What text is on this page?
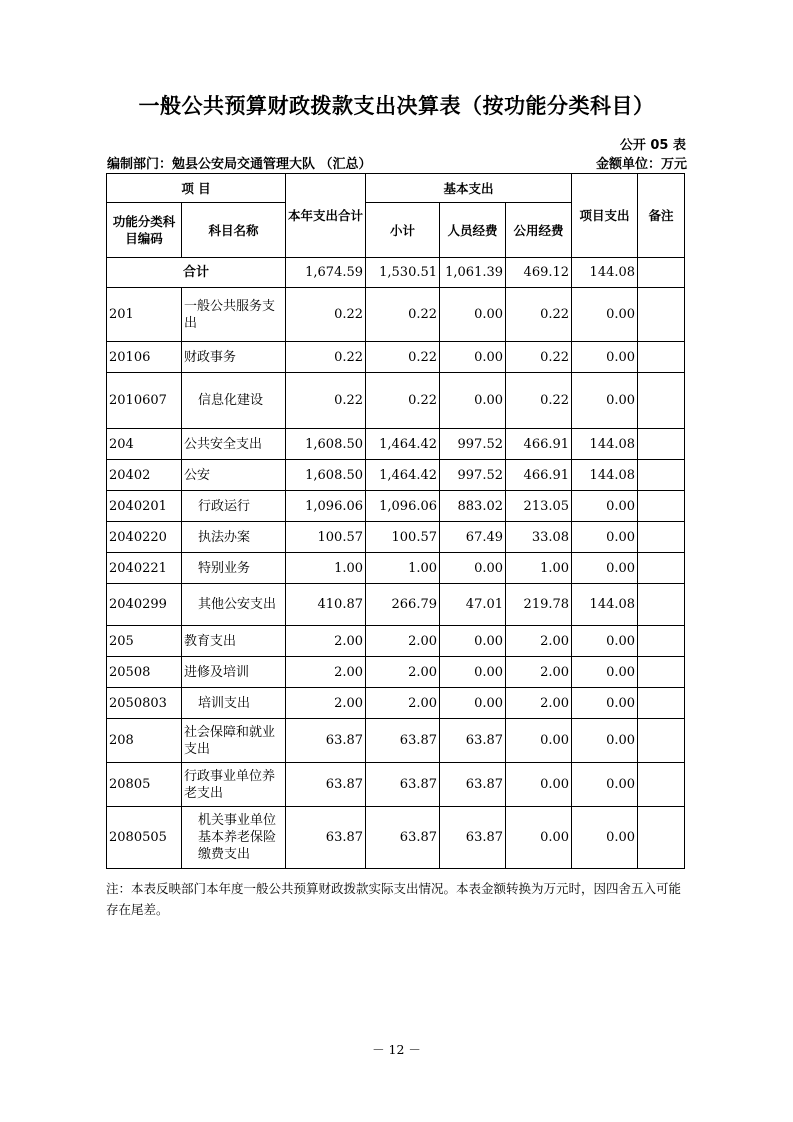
一般公共预算财政拨款支出决算表（按功能分类科目）
公开 05 表
编制部门：勉县公安局交通管理大队 （汇总）	金额单位：万元
项 目		本年支出合计	基本支出			项目支出	备注
功能分类科目编码	科目名称		小计	人员经费	公用经费		
合计		1,674.59	1,530.51	1,061.39	469.12	144.08	
201	一般公共服务支出	0.22	0.22	0.00	0.22	0.00	
20106	财政事务	0.22	0.22	0.00	0.22	0.00	
2010607	信息化建设	0.22	0.22	0.00	0.22	0.00	
204	公共安全支出	1,608.50	1,464.42	997.52	466.91	144.08	
20402	公安	1,608.50	1,464.42	997.52	466.91	144.08	
2040201	行政运行	1,096.06	1,096.06	883.02	213.05	0.00	
2040220	执法办案	100.57	100.57	67.49	33.08	0.00	
2040221	特别业务	1.00	1.00	0.00	1.00	0.00	
2040299	其他公安支出	410.87	266.79	47.01	219.78	144.08	
205	教育支出	2.00	2.00	0.00	2.00	0.00	
20508	进修及培训	2.00	2.00	0.00	2.00	0.00	
2050803	培训支出	2.00	2.00	0.00	2.00	0.00	
208	社会保障和就业支出	63.87	63.87	63.87	0.00	0.00	
20805	行政事业单位养老支出	63.87	63.87	63.87	0.00	0.00	
2080505	机关事业单位基本养老保险缴费支出	63.87	63.87	63.87	0.00	0.00	
注：本表反映部门本年度一般公共预算财政拨款实际支出情况。本表金额转换为万元时，因四舍五入可能存在尾差。
－ 12 －
